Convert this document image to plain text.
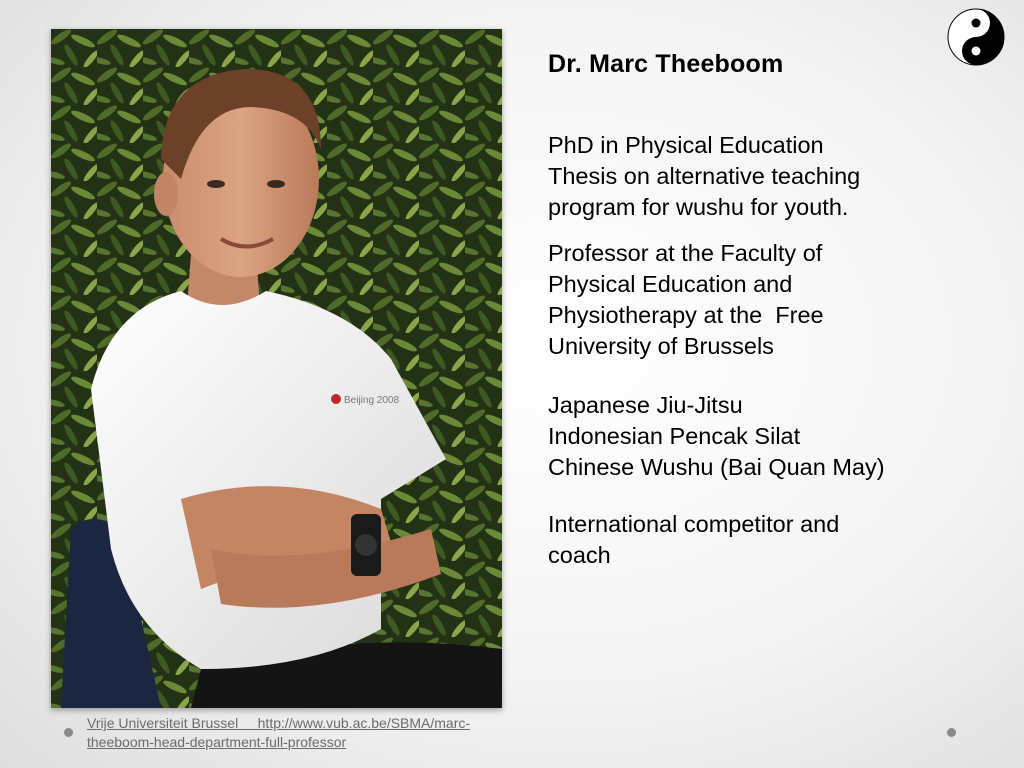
Beijing 2008
Dr. Marc Theeboom
PhD in Physical Education
Thesis on alternative teaching
program for wushu for youth.
Professor at the Faculty of
Physical Education and
Physiotherapy at the  Free
University of Brussels
Japanese Jiu-Jitsu
Indonesian Pencak Silat
Chinese Wushu (Bai Quan May)
International competitor and
coach
Vrije Universiteit Brussel     http://www.vub.ac.be/SBMA/marc-
theeboom-head-department-full-professor
